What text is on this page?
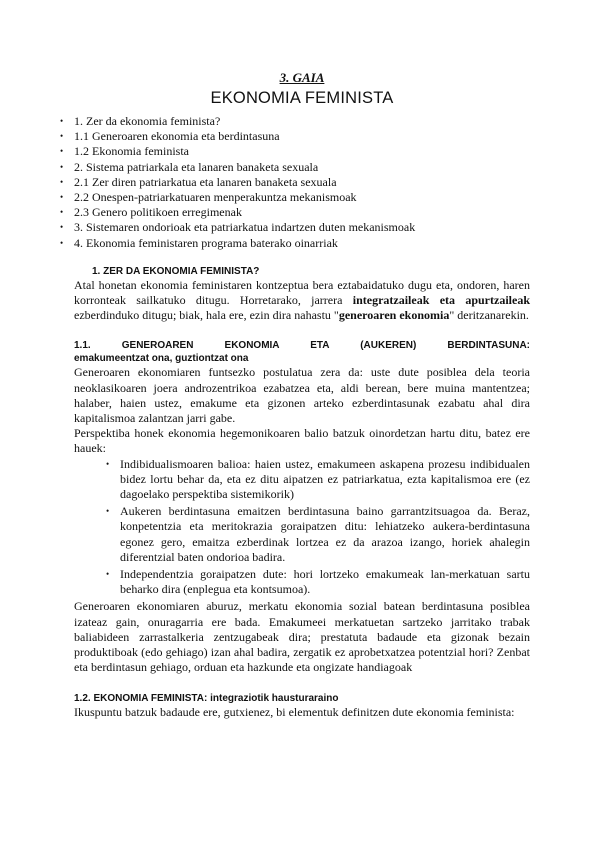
3. GAIA

EKONOMIA FEMINISTA
• 1. Zer da ekonomia feminista?
• 1.1 Generoaren ekonomia eta berdintasuna
• 1.2 Ekonomia feminista
• 2. Sistema patriarkala eta lanaren banaketa sexuala
• 2.1 Zer diren patriarkatua eta lanaren banaketa sexuala
• 2.2 Onespen-patriarkatuaren menperakuntza mekanismoak
• 2.3 Genero politikoen erregimenak
• 3. Sistemaren ondorioak eta patriarkatua indartzen duten mekanismoak
• 4. Ekonomia feministaren programa baterako oinarriak
1. ZER DA EKONOMIA FEMINISTA?

Atal honetan ekonomia feministaren kontzeptua bera eztabaidatuko dugu eta, ondoren, haren korronteak sailkatuko ditugu. Horretarako, jarrera integratzaileak eta apurtzaileak ezberdinduko ditugu; biak, hala ere, ezin dira nahastu "generoaren ekonomia" deritzanarekin.

1.1. GENEROAREN EKONOMIA ETA (AUKEREN) BERDINTASUNA:
emakumeentzat ona, guztiontzat ona

Generoaren ekonomiaren funtsezko postulatua zera da: uste dute posiblea dela teoria neoklasikoaren joera androzentrikoa ezabatzea eta, aldi berean, bere muina mantentzea; halaber, haien ustez, emakume eta gizonen arteko ezberdintasunak ezabatu ahal dira kapitalismoa zalantzan jarri gabe.

Perspektiba honek ekonomia hegemonikoaren balio batzuk oinordetzan hartu ditu, batez ere hauek:

• Indibidualismoaren balioa: haien ustez, emakumeen askapena prozesu indibidualen bidez lortu behar da, eta ez ditu aipatzen ez patriarkatua, ezta kapitalismoa ere (ez dagoelako perspektiba sistemikorik)
• Aukeren berdintasuna emaitzen berdintasuna baino garrantzitsuagoa da. Beraz, konpetentzia eta meritokrazia goraipatzen ditu: lehiatzeko aukera-berdintasuna egonez gero, emaitza ezberdinak lortzea ez da arazoa izango, horiek ahalegin diferentzial baten ondorioa badira.
• Independentzia goraipatzen dute: hori lortzeko emakumeak lan-merkatuan sartu beharko dira (enplegua eta kontsumoa).

Generoaren ekonomiaren aburuz, merkatu ekonomia sozial batean berdintasuna posiblea izateaz gain, onuragarria ere bada. Emakumeei merkatuetan sartzeko jarritako trabak baliabideen zarrastalkeria zentzugabeak dira; prestatuta badaude eta gizonak bezain produktiboak (edo gehiago) izan ahal badira, zergatik ez aprobetxatzea potentzial hori? Zenbat eta berdintasun gehiago, orduan eta hazkunde eta ongizate handiagoak

1.2. EKONOMIA FEMINISTA: integraziotik hausturaraino

Ikuspuntu batzuk badaude ere, gutxienez, bi elementuk definitzen dute ekonomia feminista:
